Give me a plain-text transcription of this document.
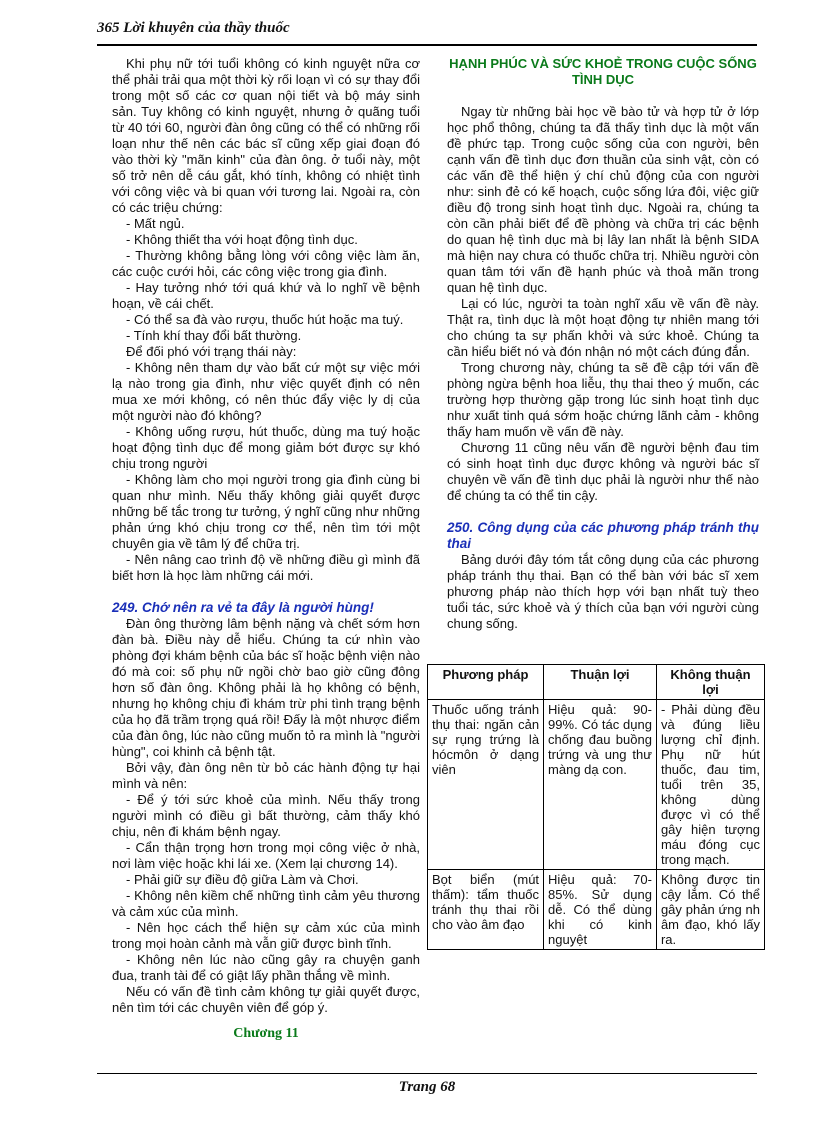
365 Lời khuyên của thầy thuốc

Khi phụ nữ tới tuổi không có kinh nguyệt nữa cơ thể phải trải qua một thời kỳ rối loạn vì có sự thay đổi trong một số các cơ quan nội tiết và bộ máy sinh sản. Tuy không có kinh nguyệt, nhưng ở quãng tuổi từ 40 tới 60, người đàn ông cũng có thể có những rối loạn như thế nên các bác sĩ cũng xếp giai đoạn đó vào thời kỳ "mãn kinh" của đàn ông. ở tuổi này, một số trở nên dễ cáu gắt, khó tính, không có nhiệt tình với công việc và bi quan với tương lai. Ngoài ra, còn có các triệu chứng:

- Mất ngủ.

- Không thiết tha với hoạt động tình dục.

- Thường không bằng lòng với công việc làm ăn, các cuộc cưới hỏi, các công việc trong gia đình.

- Hay tưởng nhớ tới quá khứ và lo nghĩ về bệnh hoạn, về cái chết.

- Có thể sa đà vào rượu, thuốc hút hoặc ma tuý.

- Tính khí thay đổi bất thường.

Để đối phó với trạng thái này:

- Không nên tham dự vào bất cứ một sự việc mới lạ nào trong gia đình, như việc quyết định có nên mua xe mới không, có nên thúc đẩy việc ly dị của một người nào đó không?

- Không uống rượu, hút thuốc, dùng ma tuý hoặc hoạt động tình dục để mong giảm bớt được sự khó chịu trong người

- Không làm cho mọi người trong gia đình cùng bi quan như mình. Nếu thấy không giải quyết được những bế tắc trong tư tưởng, ý nghĩ cũng như những phản ứng khó chịu trong cơ thể, nên tìm tới một chuyên gia về tâm lý để chữa trị.

- Nên nâng cao trình độ về những điều gì mình đã biết hơn là học làm những cái mới.

249. Chớ nên ra vẻ ta đây là người hùng!

Đàn ông thường lâm bệnh nặng và chết sớm hơn đàn bà. Điều này dễ hiểu. Chúng ta cứ nhìn vào phòng đợi khám bệnh của bác sĩ hoặc bệnh viện nào đó mà coi: số phụ nữ ngồi chờ bao giờ cũng đông hơn số đàn ông. Không phải là họ không có bệnh, nhưng họ không chịu đi khám trừ phi tình trạng bệnh của họ đã trầm trọng quá rồi! Đấy là một nhược điểm của đàn ông, lúc nào cũng muốn tỏ ra mình là "người hùng", coi khinh cả bệnh tật.

Bởi vậy, đàn ông nên từ bỏ các hành động tự hại mình và nên:

- Để ý tới sức khoẻ của mình. Nếu thấy trong người mình có điều gì bất thường, cảm thấy khó chịu, nên đi khám bệnh ngay.

- Cẩn thận trọng hơn trong mọi công việc ở nhà, nơi làm việc hoặc khi lái xe. (Xem lại chương 14).

- Phải giữ sự điều độ giữa Làm và Chơi.

- Không nên kiềm chế những tình cảm yêu thương và cảm xúc của mình.

- Nên học cách thể hiện sự cảm xúc của mình trong mọi hoàn cảnh mà vẫn giữ được bình tĩnh.

- Không nên lúc nào cũng gây ra chuyện ganh đua, tranh tài để có giật lấy phần thắng về mình.

Nếu có vấn đề tình cảm không tự giải quyết được, nên tìm tới các chuyên viên để góp ý.

Chương 11

HẠNH PHÚC VÀ SỨC KHOẺ TRONG CUỘC SỐNG TÌNH DỤC

Ngay từ những bài học về bào tử và hợp tử ở lớp học phổ thông, chúng ta đã thấy tình dục là một vấn đề phức tạp. Trong cuộc sống của con người, bên cạnh vấn đề tình dục đơn thuần của sinh vật, còn có các vấn đề thể hiện ý chí chủ động của con người như: sinh đẻ có kế hoạch, cuộc sống lứa đôi, việc giữ điều độ trong sinh hoạt tình dục. Ngoài ra, chúng ta còn cần phải biết để đề phòng và chữa trị các bệnh do quan hệ tình dục mà bị lây lan nhất là bệnh SIDA mà hiện nay chưa có thuốc chữa trị. Nhiều người còn quan tâm tới vấn đề hạnh phúc và thoả mãn trong quan hệ tình dục.

Lại có lúc, người ta toàn nghĩ xấu về vấn đề này. Thật ra, tình dục là một hoạt động tự nhiên mang tới cho chúng ta sự phấn khởi và sức khoẻ. Chúng ta cần hiểu biết nó và đón nhận nó một cách đúng đắn.

Trong chương này, chúng ta sẽ đề cập tới vấn đề phòng ngừa bệnh hoa liễu, thụ thai theo ý muốn, các trường hợp thường gặp trong lúc sinh hoạt tình dục như xuất tinh quá sớm hoặc chứng lãnh cảm - không thấy ham muốn về vấn đề này.

Chương 11 cũng nêu vấn đề người bệnh đau tim có sinh hoạt tình dục được không và người bác sĩ chuyên về vấn đề tình dục phải là người như thế nào để chúng ta có thể tin cậy.

250. Công dụng của các phương pháp tránh thụ thai

Bảng dưới đây tóm tắt công dụng của các phương pháp tránh thụ thai. Bạn có thể bàn với bác sĩ xem phương pháp nào thích hợp với bạn nhất tuỳ theo tuổi tác, sức khoẻ và ý thích của bạn với người cùng chung sống.

Phương pháp	Thuận lợi	Không thuận lợi
Thuốc uống tránh thụ thai: ngăn cản sự rụng trứng là hócmôn ở dạng viên	Hiệu quả: 90-99%. Có tác dụng chống đau buồng trứng và ung thư màng dạ con.	- Phải dùng đều và đúng liều lượng chỉ định. Phụ nữ hút thuốc, đau tim, tuổi trên 35, không dùng được vì có thể gây hiện tượng máu đóng cục trong mạch.
Bọt biển (mút thấm): tẩm thuốc tránh thụ thai rồi cho vào âm đạo	Hiệu quả: 70-85%. Sử dụng dễ. Có thể dùng khi có kinh nguyệt	Không được tin cậy lắm. Có thể gây phản ứng nh âm đạo, khó lấy ra.
Trang 68
